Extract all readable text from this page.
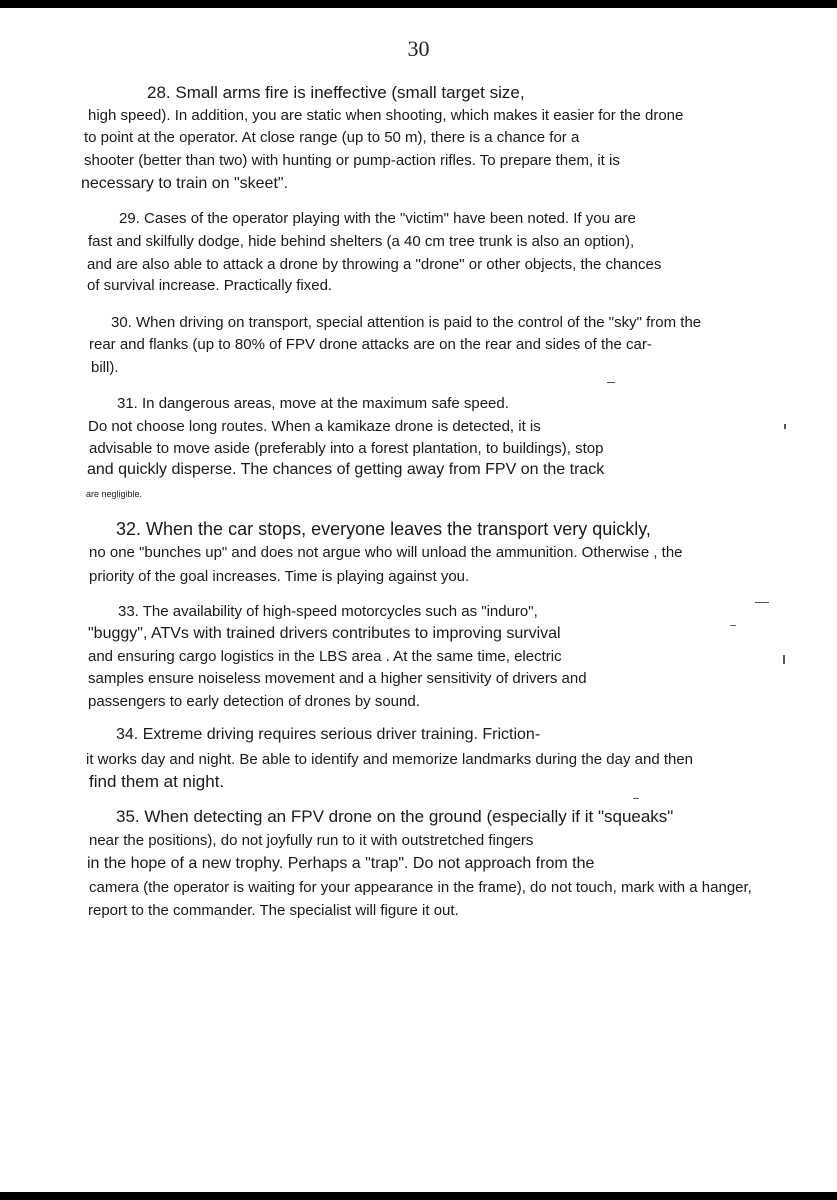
30
28. Small arms fire is ineffective (small target size,
high speed). In addition, you are static when shooting, which makes it easier for the drone
to point at the operator. At close range (up to 50 m), there is a chance for a
shooter (better than two) with hunting or pump-action rifles. To prepare them, it is
necessary to train on "skeet".
29. Cases of the operator playing with the "victim" have been noted. If you are
fast and skilfully dodge, hide behind shelters (a 40 cm tree trunk is also an option),
and are also able to attack a drone by throwing a "drone" or other objects, the chances
of survival increase. Practically fixed.
30. When driving on transport, special attention is paid to the control of the "sky" from the
rear and flanks (up to 80% of FPV drone attacks are on the rear and sides of the car-
bill).
31. In dangerous areas, move at the maximum safe speed.
Do not choose long routes. When a kamikaze drone is detected, it is
advisable to move aside (preferably into a forest plantation, to buildings), stop
and quickly disperse. The chances of getting away from FPV on the track
are negligible.
32. When the car stops, everyone leaves the transport very quickly,
no one "bunches up" and does not argue who will unload the ammunition. Otherwise , the
priority of the goal increases. Time is playing against you.
33. The availability of high-speed motorcycles such as "induro",
"buggy", ATVs with trained drivers contributes to improving survival
and ensuring cargo logistics in the LBS area . At the same time, electric
samples ensure noiseless movement and a higher sensitivity of drivers and
passengers to early detection of drones by sound.
34. Extreme driving requires serious driver training. Friction-
it works day and night. Be able to identify and memorize landmarks during the day and then
find them at night.
35. When detecting an FPV drone on the ground (especially if it "squeaks"
near the positions), do not joyfully run to it with outstretched fingers
in the hope of a new trophy. Perhaps a "trap". Do not approach from the
camera (the operator is waiting for your appearance in the frame), do not touch, mark with a hanger,
report to the commander. The specialist will figure it out.
